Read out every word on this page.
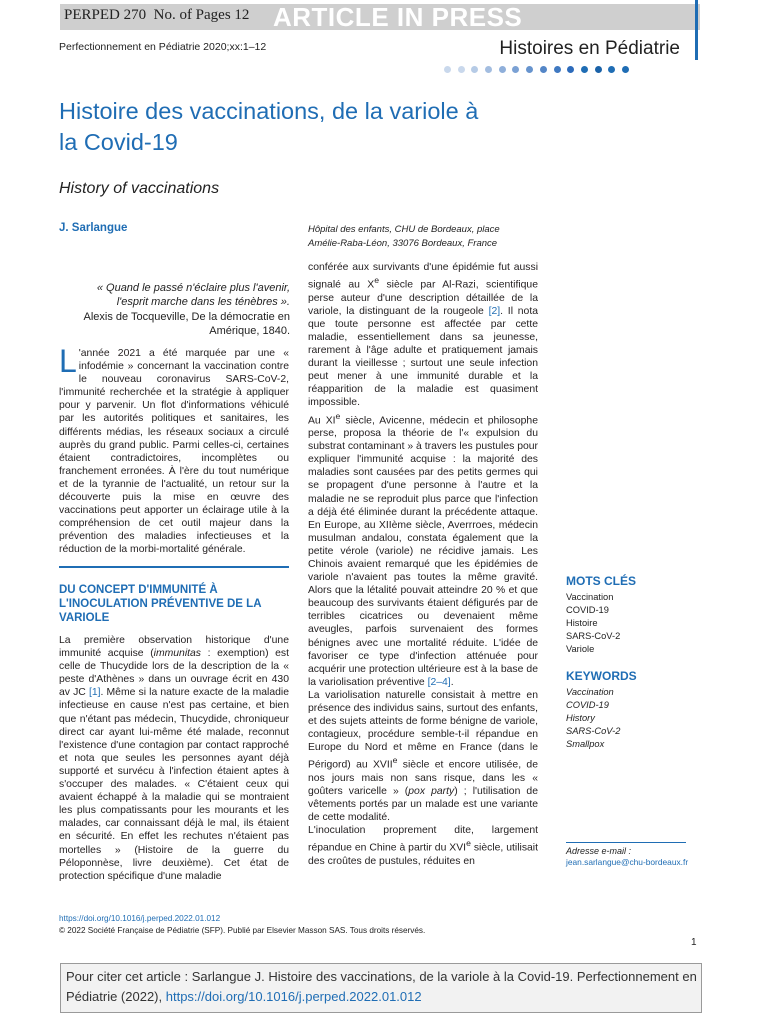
PERPED 270 No. of Pages 12 ARTICLE IN PRESS
Perfectionnement en Pédiatrie 2020;xx:1–12	Histoires en Pédiatrie
Histoire des vaccinations, de la variole à la Covid-19
History of vaccinations
J. Sarlangue	Hôpital des enfants, CHU de Bordeaux, place
Amélie-Raba-Léon, 33076 Bordeaux, France
« Quand le passé n'éclaire plus l'avenir,
l'esprit marche dans les ténèbres ».
Alexis de Tocqueville, De la démocratie en
Amérique, 1840.
L 'année 2021 a été marquée par une « infodémie » concernant la vaccination contre le nouveau coronavirus SARS-CoV-2, l'immunité recherchée et la stratégie à appliquer pour y parvenir. Un flot d'informations véhiculé par les autorités politiques et sanitaires, les différents médias, les réseaux sociaux a circulé auprès du grand public. Parmi celles-ci, certaines étaient contradictoires, incomplètes ou franchement erronées. À l'ère du tout numérique et de la tyrannie de l'actualité, un retour sur la découverte puis la mise en œuvre des vaccinations peut apporter un éclairage utile à la compréhension de cet outil majeur dans la prévention des maladies infectieuses et la réduction de la morbi-mortalité générale.
DU CONCEPT D'IMMUNITÉ À L'INOCULATION PRÉVENTIVE DE LA VARIOLE
La première observation historique d'une immunité acquise (immunitas : exemption) est celle de Thucydide lors de la description de la « peste d'Athènes » dans un ouvrage écrit en 430 av JC [1]. Même si la nature exacte de la maladie infectieuse en cause n'est pas certaine, et bien que n'étant pas médecin, Thucydide, chroniqueur direct car ayant lui-même été malade, reconnut l'existence d'une contagion par contact rapproché et nota que seules les personnes ayant déjà supporté et survécu à l'infection étaient aptes à s'occuper des malades. « C'étaient ceux qui avaient échappé à la maladie qui se montraient les plus compatissants pour les mourants et les malades, car connaissant déjà le mal, ils étaient en sécurité. En effet les rechutes n'étaient pas mortelles » (Histoire de la guerre du Péloponnèse, livre deuxième). Cet état de protection spécifique d'une maladie
conférée aux survivants d'une épidémie fut aussi signalé au Xe siècle par Al-Razi, scientifique perse auteur d'une description détaillée de la variole, la distinguant de la rougeole [2]. Il nota que toute personne est affectée par cette maladie, essentiellement dans sa jeunesse, rarement à l'âge adulte et pratiquement jamais durant la vieillesse ; surtout une seule infection peut mener à une immunité durable et la réapparition de la maladie est quasiment impossible.
Au XIe siècle, Avicenne, médecin et philosophe perse, proposa la théorie de l'« expulsion du substrat contaminant » à travers les pustules pour expliquer l'immunité acquise : la majorité des maladies sont causées par des petits germes qui se propagent d'une personne à l'autre et la maladie ne se reproduit plus parce que l'infection a déjà été éliminée durant la précédente attaque. En Europe, au XIIème siècle, Averrroes, médecin musulman andalou, constata également que la petite vérole (variole) ne récidive jamais. Les Chinois avaient remarqué que les épidémies de variole n'avaient pas toutes la même gravité. Alors que la létalité pouvait atteindre 20 % et que beaucoup des survivants étaient défigurés par de terribles cicatrices ou devenaient même aveugles, parfois survenaient des formes bénignes avec une mortalité réduite. L'idée de favoriser ce type d'infection atténuée pour acquérir une protection ultérieure est à la base de la variolisation préventive [2–4].
La variolisation naturelle consistait à mettre en présence des individus sains, surtout des enfants, et des sujets atteints de forme bénigne de variole, contagieux, procédure semble-t-il répandue en Europe du Nord et même en France (dans le Périgord) au XVIIe siècle et encore utilisée, de nos jours mais non sans risque, dans les « goûters varicelle » (pox party) ; l'utilisation de vêtements portés par un malade est une variante de cette modalité.
L'inoculation proprement dite, largement répandue en Chine à partir du XVIe siècle, utilisait des croûtes de pustules, réduites en
MOTS CLÉS
Vaccination
COVID-19
Histoire
SARS-CoV-2
Variole
KEYWORDS
Vaccination
COVID-19
History
SARS-CoV-2
Smallpox
Adresse e-mail :
jean.sarlangue@chu-bordeaux.fr
https://doi.org/10.1016/j.perped.2022.01.012
© 2022 Société Française de Pédiatrie (SFP). Publié par Elsevier Masson SAS. Tous droits réservés.
1
Pour citer cet article : Sarlangue J. Histoire des vaccinations, de la variole à la Covid-19. Perfectionnement en Pédiatrie (2022), https://doi.org/10.1016/j.perped.2022.01.012
